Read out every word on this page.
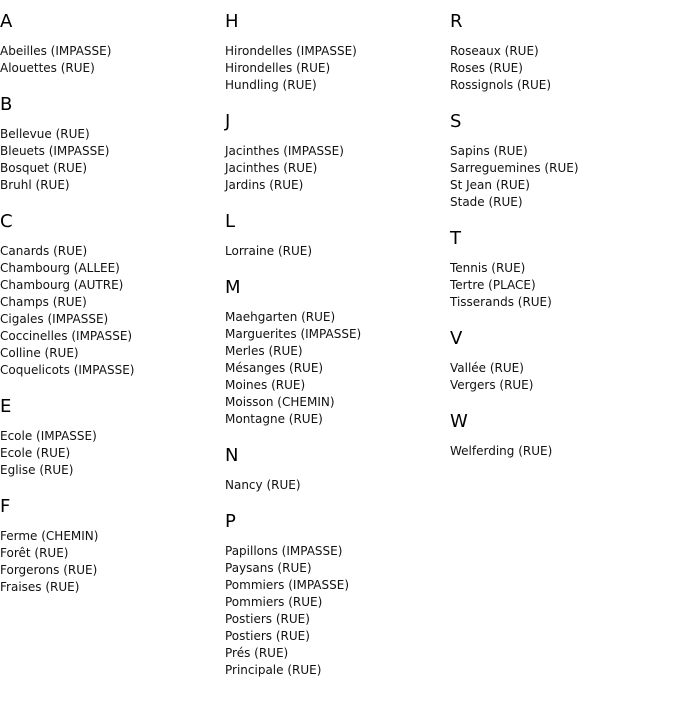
A
Abeilles (IMPASSE)
Alouettes (RUE)
B
Bellevue (RUE)
Bleuets (IMPASSE)
Bosquet (RUE)
Bruhl (RUE)
C
Canards (RUE)
Chambourg (ALLEE)
Chambourg (AUTRE)
Champs (RUE)
Cigales (IMPASSE)
Coccinelles (IMPASSE)
Colline (RUE)
Coquelicots (IMPASSE)
E
Ecole (IMPASSE)
Ecole (RUE)
Eglise (RUE)
F
Ferme (CHEMIN)
Forêt (RUE)
Forgerons (RUE)
Fraises (RUE)
H
Hirondelles (IMPASSE)
Hirondelles (RUE)
Hundling (RUE)
J
Jacinthes (IMPASSE)
Jacinthes (RUE)
Jardins (RUE)
L
Lorraine (RUE)
M
Maehgarten (RUE)
Marguerites (IMPASSE)
Merles (RUE)
Mésanges (RUE)
Moines (RUE)
Moisson (CHEMIN)
Montagne (RUE)
N
Nancy (RUE)
P
Papillons (IMPASSE)
Paysans (RUE)
Pommiers (IMPASSE)
Pommiers (RUE)
Postiers (RUE)
Postiers (RUE)
Prés (RUE)
Principale (RUE)
R
Roseaux (RUE)
Roses (RUE)
Rossignols (RUE)
S
Sapins (RUE)
Sarreguemines (RUE)
St Jean (RUE)
Stade (RUE)
T
Tennis (RUE)
Tertre (PLACE)
Tisserands (RUE)
V
Vallée (RUE)
Vergers (RUE)
W
Welferding (RUE)
